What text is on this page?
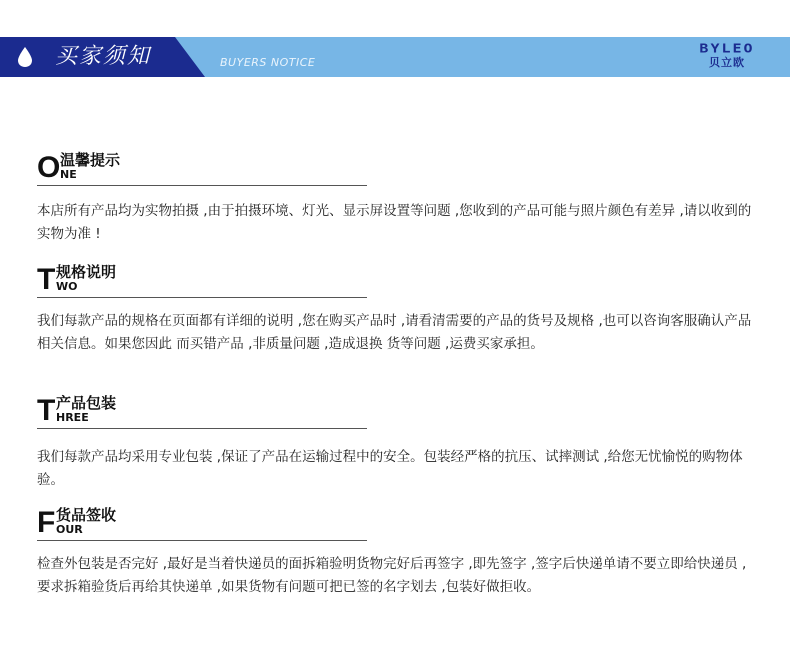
买家须知	BUYERS NOTICE
BYLEO
贝立欧
O 温馨提示
NE
本店所有产品均为实物拍摄 ,由于拍摄环境、灯光、显示屏设置等问题 ,您收到的产品可能与照片颜色有差异 ,请以收到的实物为准 !
T 规格说明
WO
我们每款产品的规格在页面都有详细的说明 ,您在购买产品时 ,请看清需要的产品的货号及规格 ,也可以咨询客服确认产品相关信息。如果您因此 而买错产品 ,非质量问题 ,造成退换 货等问题 ,运费买家承担。
T 产品包装
HREE
我们每款产品均采用专业包装 ,保证了产品在运输过程中的安全。包装经严格的抗压、试摔测试 ,给您无忧愉悦的购物体验。
F 货品签收
OUR
检查外包装是否完好 ,最好是当着快递员的面拆箱验明货物完好后再签字 ,即先签字 ,签字后快递单请不要立即给快递员 ,要求拆箱验货后再给其快递单 ,如果货物有问题可把已签的名字划去 ,包装好做拒收。
